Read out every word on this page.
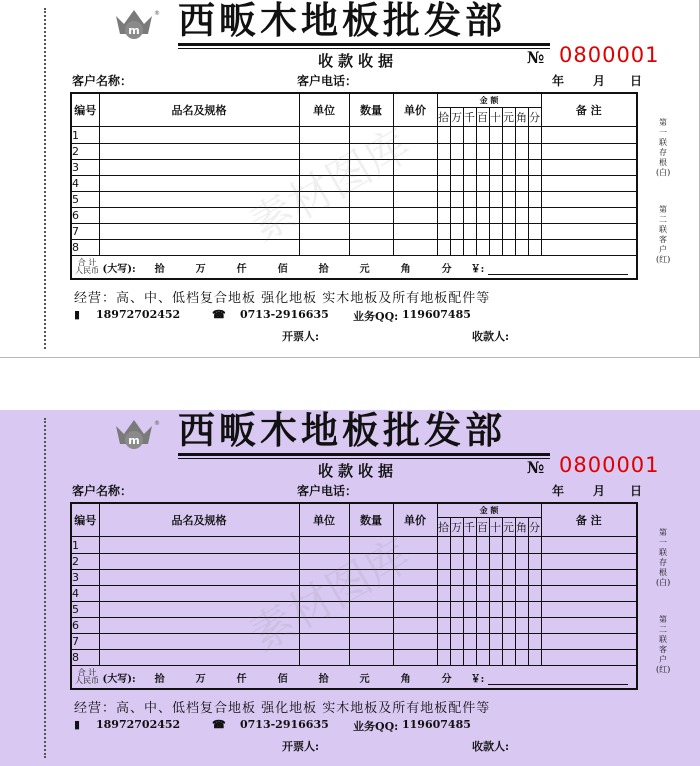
m
® 西畈木地板批发部
收款收据	№ 0800001
客户名称：	客户电话：	年 月 日
编号	品名及规格	单位	数量	单价	金 额								备 注
					拾	万	千	百	十	元	角	分	
1													
2													
3													
4													
5													
6													
7													
8													
合 计
人民币 (大写): 拾 万 仟 佰 拾 元 角 分 ￥:													
第一联 存根(白)
第二联 客户(红)
经营：高、中、低档复合地板 强化地板 实木地板及所有地板配件等
▮ 18972702452	☎ 0713-2916635 业务QQ: 119607485
开票人:	收款人:
素材图库
m
® 西畈木地板批发部
收款收据	№ 0800001
客户名称：	客户电话：	年 月 日
编号	品名及规格	单位	数量	单价	金 额								备 注
					拾	万	千	百	十	元	角	分	
1													
2													
3													
4													
5													
6													
7													
8													
合 计
人民币 (大写): 拾 万 仟 佰 拾 元 角 分 ￥:													
第一联 存根(白)
第二联 客户(红)
经营：高、中、低档复合地板 强化地板 实木地板及所有地板配件等
▮ 18972702452	☎ 0713-2916635 业务QQ: 119607485
开票人:	收款人:
素材图库
